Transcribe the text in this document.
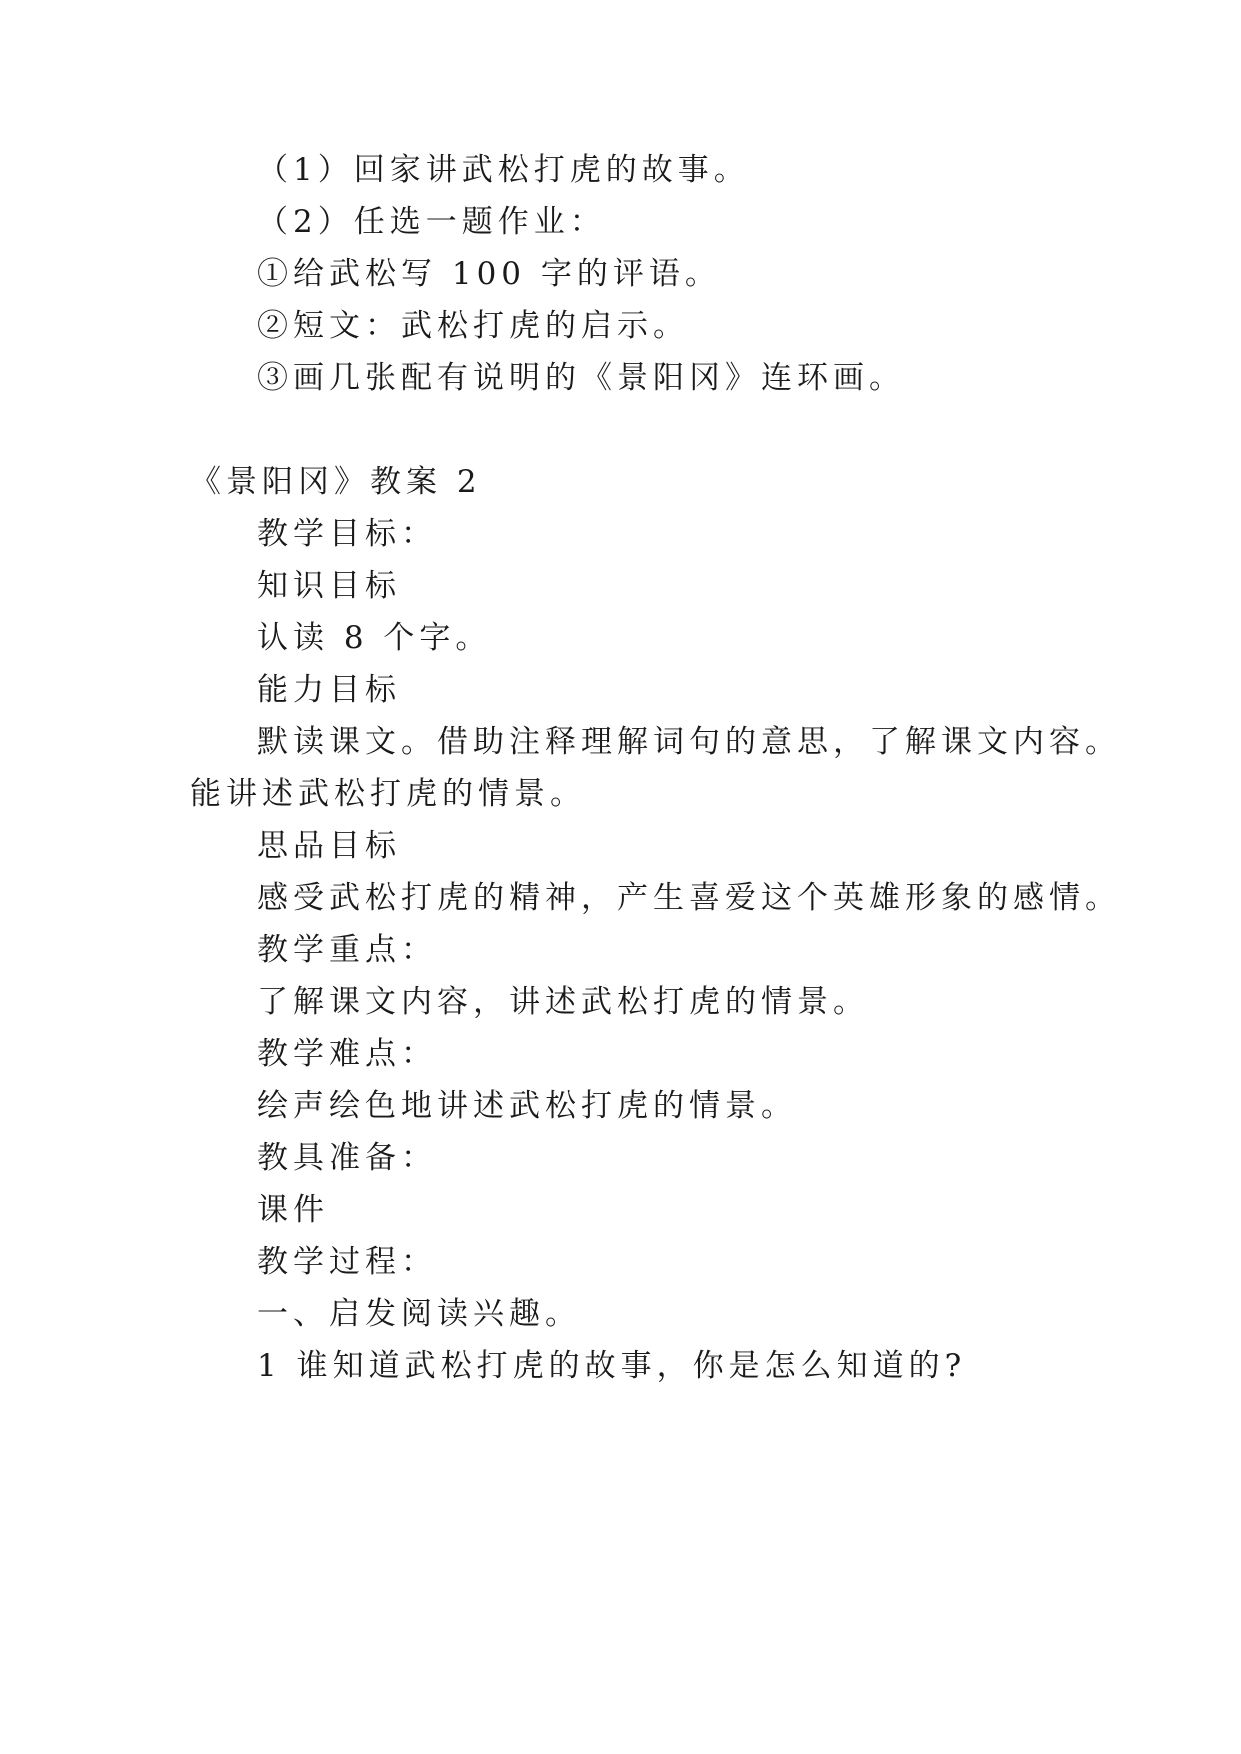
（1）回家讲武松打虎的故事。
（2）任选一题作业：
①给武松写 100 字的评语。
②短文：武松打虎的启示。
③画几张配有说明的《景阳冈》连环画。
《景阳冈》教案 2
教学目标：
知识目标
认读 8 个字。
能力目标
默读课文。借助注释理解词句的意思，了解课文内容。
能讲述武松打虎的情景。
思品目标
感受武松打虎的精神，产生喜爱这个英雄形象的感情。
教学重点：
了解课文内容，讲述武松打虎的情景。
教学难点：
绘声绘色地讲述武松打虎的情景。
教具准备：
课件
教学过程：
一、启发阅读兴趣。
1 谁知道武松打虎的故事，你是怎么知道的?
